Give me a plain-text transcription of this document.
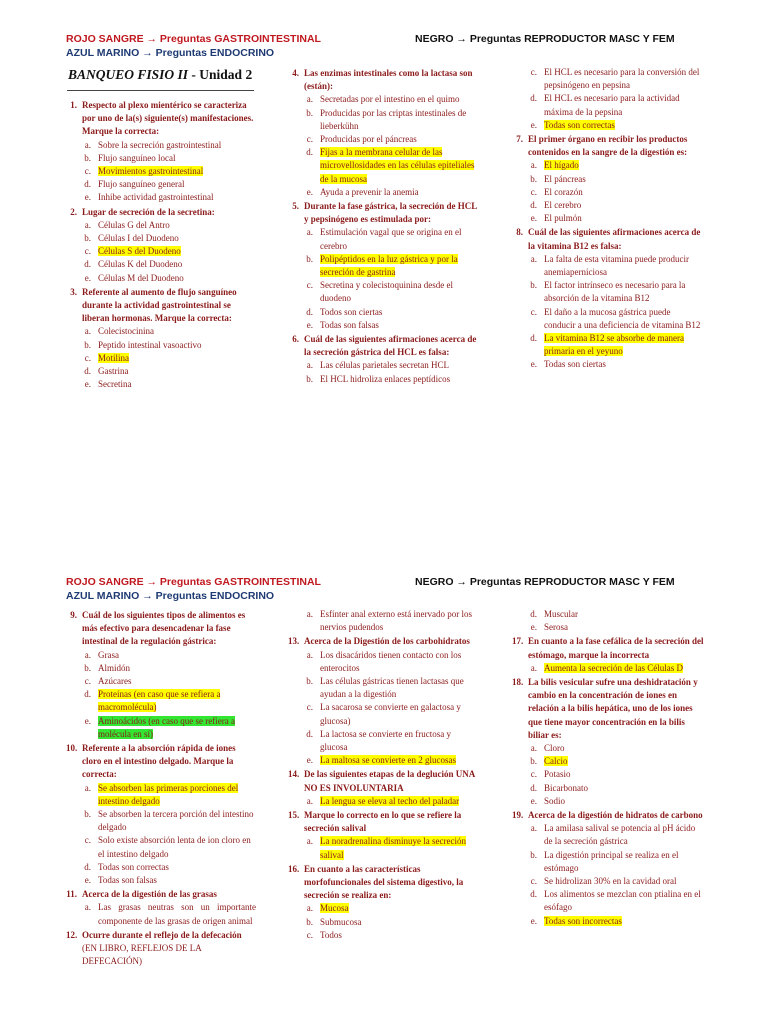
ROJO SANGRE → Preguntas GASTROINTESTINAL
AZUL MARINO → Preguntas ENDOCRINO
NEGRO → Preguntas REPRODUCTOR MASC Y FEM
BANQUEO FISIO II - Unidad 2
1. Respecto al plexo mientérico se caracteriza por uno de la(s) siguiente(s) manifestaciones. Marque la correcta:
a. Sobre la secreción gastrointestinal
b. Flujo sanguíneo local
c. Movimientos gastrointestinal
d. Flujo sanguíneo general
e. Inhibe actividad gastrointestinal
2. Lugar de secreción de la secretina:
a. Células G del Antro
b. Células I del Duodeno
c. Células S del Duodeno
d. Células K del Duodeno
e. Células M del Duodeno
3. Referente al aumento de flujo sanguíneo durante la actividad gastrointestinal se liberan hormonas. Marque la correcta:
a. Colecistocinina
b. Peptido intestinal vasoactivo
c. Motilina
d. Gastrina
e. Secretina
4. Las enzimas intestinales como la lactasa son (están):
a. Secretadas por el intestino en el quimo
b. Producidas por las criptas intestinales de lieberkühn
c. Producidas por el páncreas
d. Fijas a la membrana celular de las microvellosidades en las células epiteliales de la mucosa
e. Ayuda a prevenir la anemia
5. Durante la fase gástrica, la secreción de HCL y pepsinógeno es estimulada por:
a. Estimulación vagal que se origina en el cerebro
b. Polipéptidos en la luz gástrica y por la secreción de gastrina
c. Secretina y colecistoquinina desde el duodeno
d. Todos son ciertas
e. Todas son falsas
6. Cuál de las siguientes afirmaciones acerca de la secreción gástrica del HCL es falsa:
a. Las células parietales secretan HCL
b. El HCL hidroliza enlaces peptídicos
c. El HCL es necesario para la conversión del pepsinógeno en pepsina
d. El HCL es necesario para la actividad máxima de la pepsina
e. Todas son correctas
7. El primer órgano en recibir los productos contenidos en la sangre de la digestión es:
a. El hígado
b. El páncreas
c. El corazón
d. El cerebro
e. El pulmón
8. Cuál de las siguientes afirmaciones acerca de la vitamina B12 es falsa:
a. La falta de esta vitamina puede producir anemiaperniciosa
b. El factor intrínseco es necesario para la absorción de la vitamina B12
c. El daño a la mucosa gástrica puede conducir a una deficiencia de vitamina B12
d. La vitamina B12 se absorbe de manera primaria en el yeyuno
e. Todas son ciertas
ROJO SANGRE → Preguntas GASTROINTESTINAL
AZUL MARINO → Preguntas ENDOCRINO
NEGRO → Preguntas REPRODUCTOR MASC Y FEM
9. Cuál de los siguientes tipos de alimentos es más efectivo para desencadenar la fase intestinal de la regulación gástrica:
a. Grasa
b. Almidón
c. Azúcares
d. Proteínas (en caso que se refiera a macromolécula)
e. Aminoácidos (en caso que se refiera a molécula en sí)
10. Referente a la absorción rápida de iones cloro en el intestino delgado. Marque la correcta:
a. Se absorben las primeras porciones del intestino delgado
b. Se absorben la tercera porción del intestino delgado
c. Solo existe absorción lenta de ion cloro en el intestino delgado
d. Todas son correctas
e. Todas son falsas
11. Acerca de la digestión de las grasas
a. Las grasas neutras son un importante componente de las grasas de origen animal
12. Ocurre durante el reflejo de la defecación (EN LIBRO, REFLEJOS DE LA DEFECACIÓN)
a. Esfínter anal externo está inervado por los nervios pudendos
13. Acerca de la Digestión de los carbohidratos
a. Los disacáridos tienen contacto con los enterocitos
b. Las células gástricas tienen lactasas que ayudan a la digestión
c. La sacarosa se convierte en galactosa y glucosa)
d. La lactosa se convierte en fructosa y glucosa
e. La maltosa se convierte en 2 glucosas
14. De las siguientes etapas de la deglución UNA NO ES INVOLUNTARIA
a. La lengua se eleva al techo del paladar
15. Marque lo correcto en lo que se refiere la secreción salival
a. La noradrenalina disminuye la secreción salival
16. En cuanto a las características morfofuncionales del sistema digestivo, la secreción se realiza en:
a. Mucosa
b. Submucosa
c. Todos
d. Muscular
e. Serosa
17. En cuanto a la fase cefálica de la secreción del estómago, marque la incorrecta
a. Aumenta la secreción de las Células D
18. La bilis vesicular sufre una deshidratación y cambio en la concentración de iones en relación a la bilis hepática, uno de los iones que tiene mayor concentración en la bilis biliar es:
a. Cloro
b. Calcio
c. Potasio
d. Bicarbonato
e. Sodio
19. Acerca de la digestión de hidratos de carbono
a. La amilasa salival se potencia al pH ácido de la secreción gástrica
b. La digestión principal se realiza en el estómago
c. Se hidrolizan 30% en la cavidad oral
d. Los alimentos se mezclan con ptialina en el esófago
e. Todas son incorrectas
